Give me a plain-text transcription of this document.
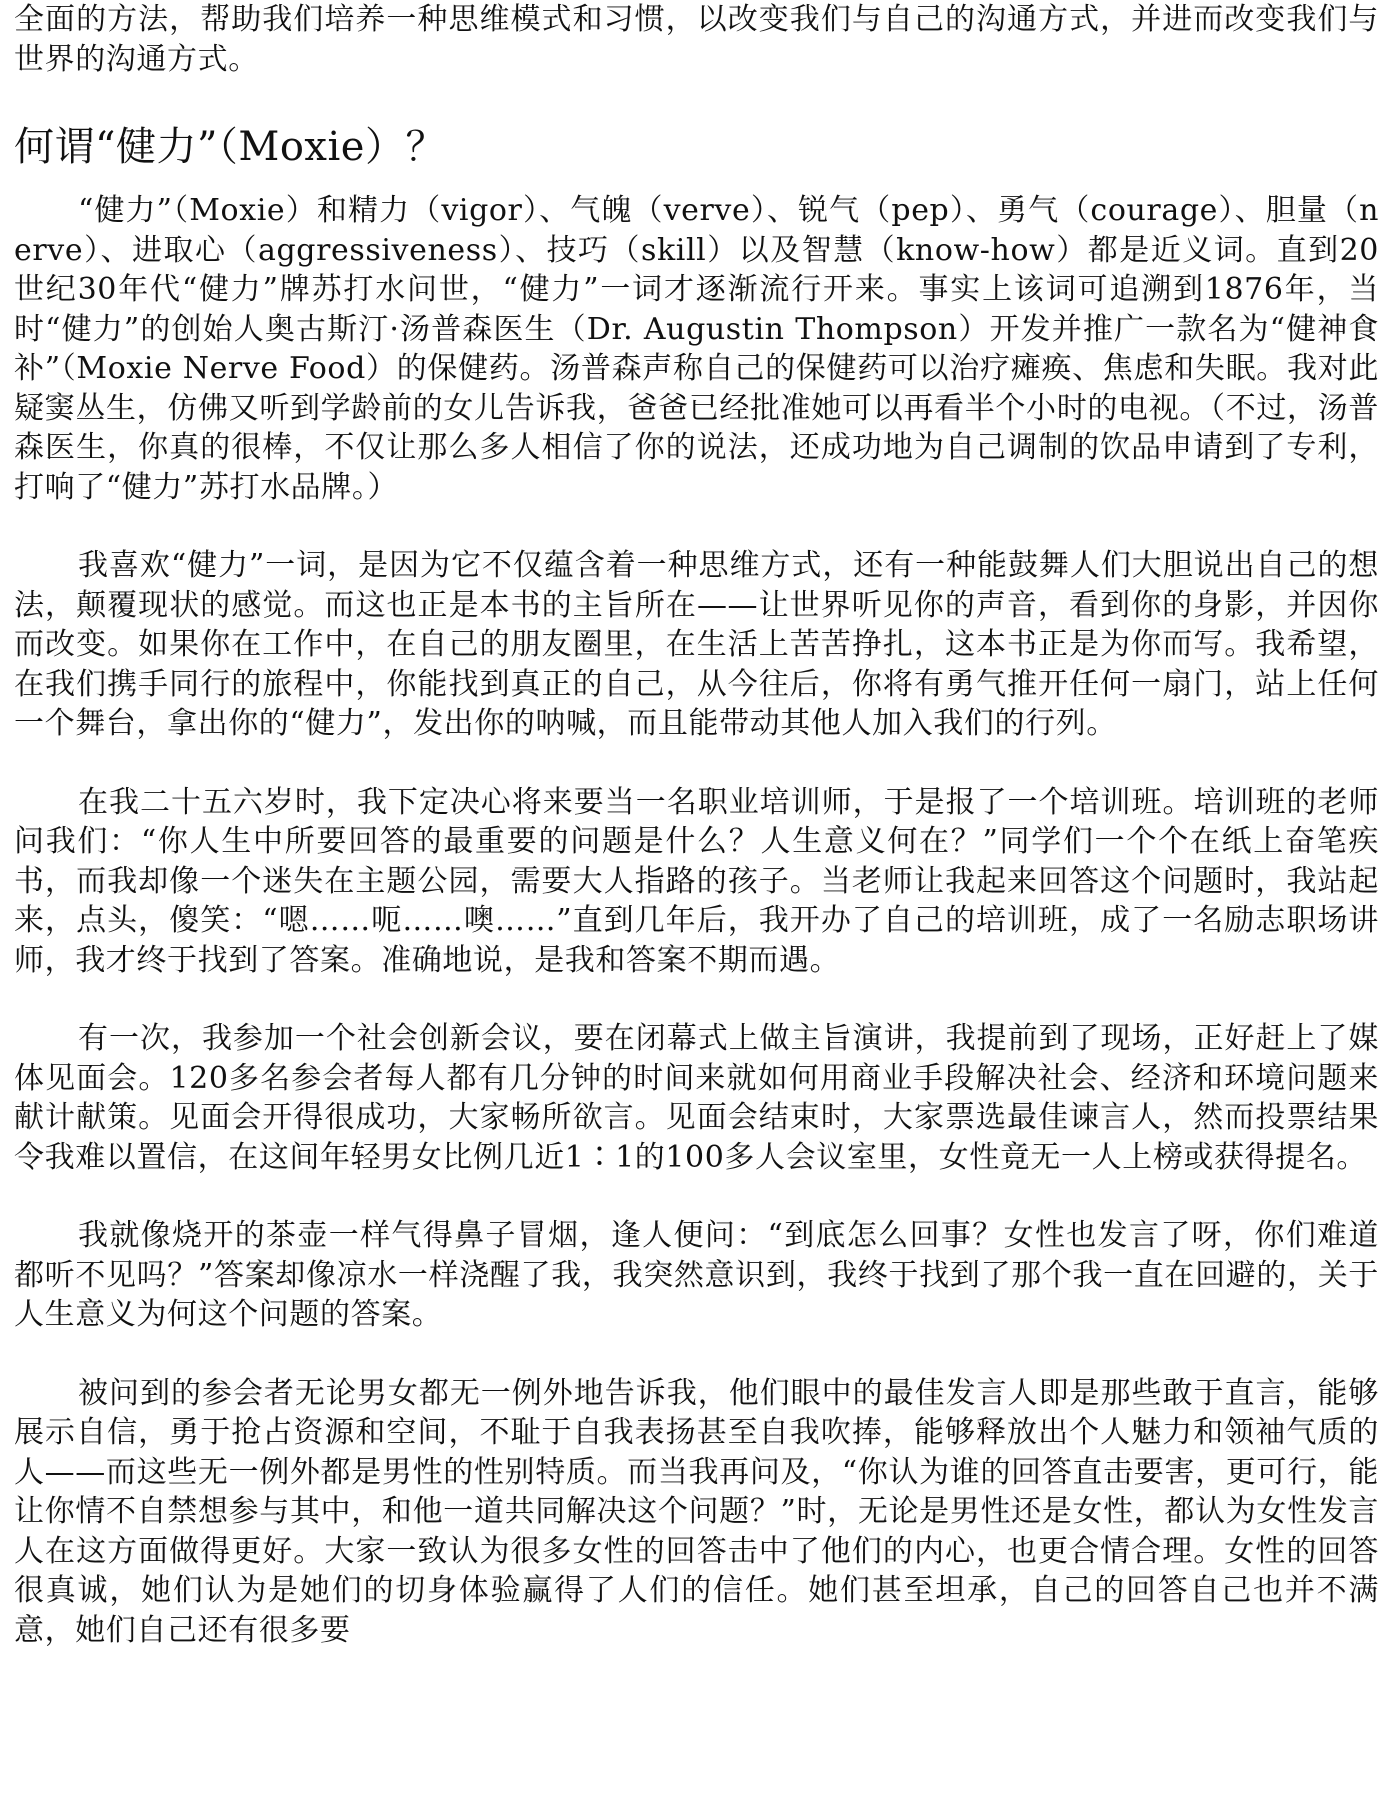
全面的方法，帮助我们培养一种思维模式和习惯，以改变我们与自己的沟通方式，并进而改变我们与世界的沟通方式。

何谓“健力”（Moxie）？

“健力”（Moxie）和精力（vigor）、气魄（verve）、锐气（pep）、勇气（courage）、胆量（nerve）、进取心（aggressiveness）、技巧（skill）以及智慧（know-how）都是近义词。直到20世纪30年代“健力”牌苏打水问世，“健力”一词才逐渐流行开来。事实上该词可追溯到1876年，当时“健力”的创始人奥古斯汀·汤普森医生（Dr. Augustin Thompson）开发并推广一款名为“健神食补”（Moxie Nerve Food）的保健药。汤普森声称自己的保健药可以治疗瘫痪、焦虑和失眠。我对此疑窦丛生，仿佛又听到学龄前的女儿告诉我，爸爸已经批准她可以再看半个小时的电视。（不过，汤普森医生，你真的很棒，不仅让那么多人相信了你的说法，还成功地为自己调制的饮品申请到了专利，打响了“健力”苏打水品牌。）

我喜欢“健力”一词，是因为它不仅蕴含着一种思维方式，还有一种能鼓舞人们大胆说出自己的想法，颠覆现状的感觉。而这也正是本书的主旨所在——让世界听见你的声音，看到你的身影，并因你而改变。如果你在工作中，在自己的朋友圈里，在生活上苦苦挣扎，这本书正是为你而写。我希望，在我们携手同行的旅程中，你能找到真正的自己，从今往后，你将有勇气推开任何一扇门，站上任何一个舞台，拿出你的“健力”，发出你的呐喊，而且能带动其他人加入我们的行列。

在我二十五六岁时，我下定决心将来要当一名职业培训师，于是报了一个培训班。培训班的老师问我们：“你人生中所要回答的最重要的问题是什么？人生意义何在？”同学们一个个在纸上奋笔疾书，而我却像一个迷失在主题公园，需要大人指路的孩子。当老师让我起来回答这个问题时，我站起来，点头，傻笑：“嗯……呃……噢……”直到几年后，我开办了自己的培训班，成了一名励志职场讲师，我才终于找到了答案。准确地说，是我和答案不期而遇。

有一次，我参加一个社会创新会议，要在闭幕式上做主旨演讲，我提前到了现场，正好赶上了媒体见面会。120多名参会者每人都有几分钟的时间来就如何用商业手段解决社会、经济和环境问题来献计献策。见面会开得很成功，大家畅所欲言。见面会结束时，大家票选最佳谏言人，然而投票结果令我难以置信，在这间年轻男女比例几近1∶1的100多人会议室里，女性竟无一人上榜或获得提名。

我就像烧开的茶壶一样气得鼻子冒烟，逢人便问：“到底怎么回事？女性也发言了呀，你们难道都听不见吗？”答案却像凉水一样浇醒了我，我突然意识到，我终于找到了那个我一直在回避的，关于人生意义为何这个问题的答案。

被问到的参会者无论男女都无一例外地告诉我，他们眼中的最佳发言人即是那些敢于直言，能够展示自信，勇于抢占资源和空间，不耻于自我表扬甚至自我吹捧，能够释放出个人魅力和领袖气质的人——而这些无一例外都是男性的性别特质。而当我再问及，“你认为谁的回答直击要害，更可行，能让你情不自禁想参与其中，和他一道共同解决这个问题？”时，无论是男性还是女性，都认为女性发言人在这方面做得更好。大家一致认为很多女性的回答击中了他们的内心，也更合情合理。女性的回答很真诚，她们认为是她们的切身体验赢得了人们的信任。她们甚至坦承，自己的回答自己也并不满意，她们自己还有很多要
